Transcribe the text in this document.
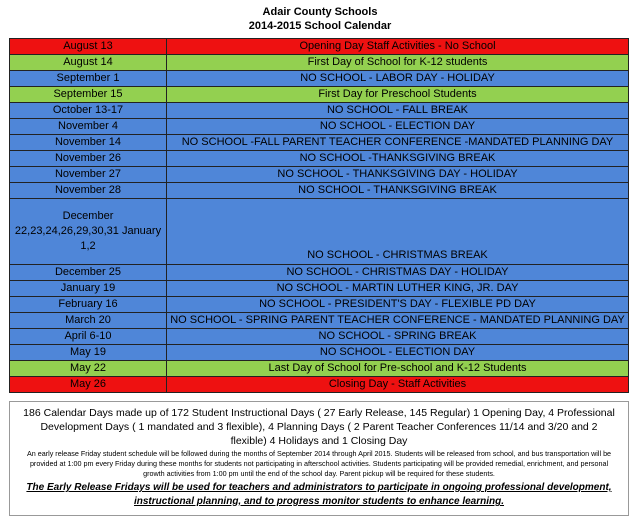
Adair County Schools
2014-2015 School Calendar
August 13	Opening Day Staff Activities - No School
August 14	First Day of School for K-12 students
September 1	NO SCHOOL - LABOR DAY - HOLIDAY
September 15	First Day for Preschool Students
October 13-17	NO SCHOOL - FALL BREAK
November 4	NO SCHOOL - ELECTION DAY
November 14	NO SCHOOL -FALL PARENT TEACHER CONFERENCE -MANDATED PLANNING DAY
November 26	NO SCHOOL -THANKSGIVING BREAK
November 27	NO SCHOOL - THANKSGIVING DAY - HOLIDAY
November 28	NO SCHOOL - THANKSGIVING BREAK
December 22,23,24,26,29,30,31 January 1,2	NO SCHOOL - CHRISTMAS BREAK
December 25	NO SCHOOL - CHRISTMAS DAY - HOLIDAY
January 19	NO SCHOOL - MARTIN LUTHER KING, JR. DAY
February 16	NO SCHOOL - PRESIDENT'S DAY - FLEXIBLE PD DAY
March 20	NO SCHOOL - SPRING PARENT TEACHER CONFERENCE - MANDATED PLANNING DAY
April 6-10	NO SCHOOL - SPRING BREAK
May 19	NO SCHOOL - ELECTION DAY
May 22	Last Day of School for Pre-school and K-12 Students
May 26	Closing Day - Staff Activities
186 Calendar Days made up of 172 Student Instructional Days ( 27 Early Release, 145 Regular) 1 Opening Day, 4 Professional Development Days ( 1 mandated and 3 flexible), 4 Planning Days ( 2 Parent Teacher Conferences 11/14 and 3/20 and 2 flexible) 4 Holidays and 1 Closing Day
An early release Friday student schedule will be followed during the months of September 2014 through April 2015. Students will be released from school, and bus transportation will be provided at 1:00 pm every Friday during these months for students not participating in afterschool activities. Students participating will be provided remedial, enrichment, and personal growth activities from 1:00 pm until the end of the school day. Parent pickup will be required for these students.
The Early Release Fridays will be used for teachers and administrators to participate in ongoing professional development, instructional planning, and to progress monitor students to enhance learning.
